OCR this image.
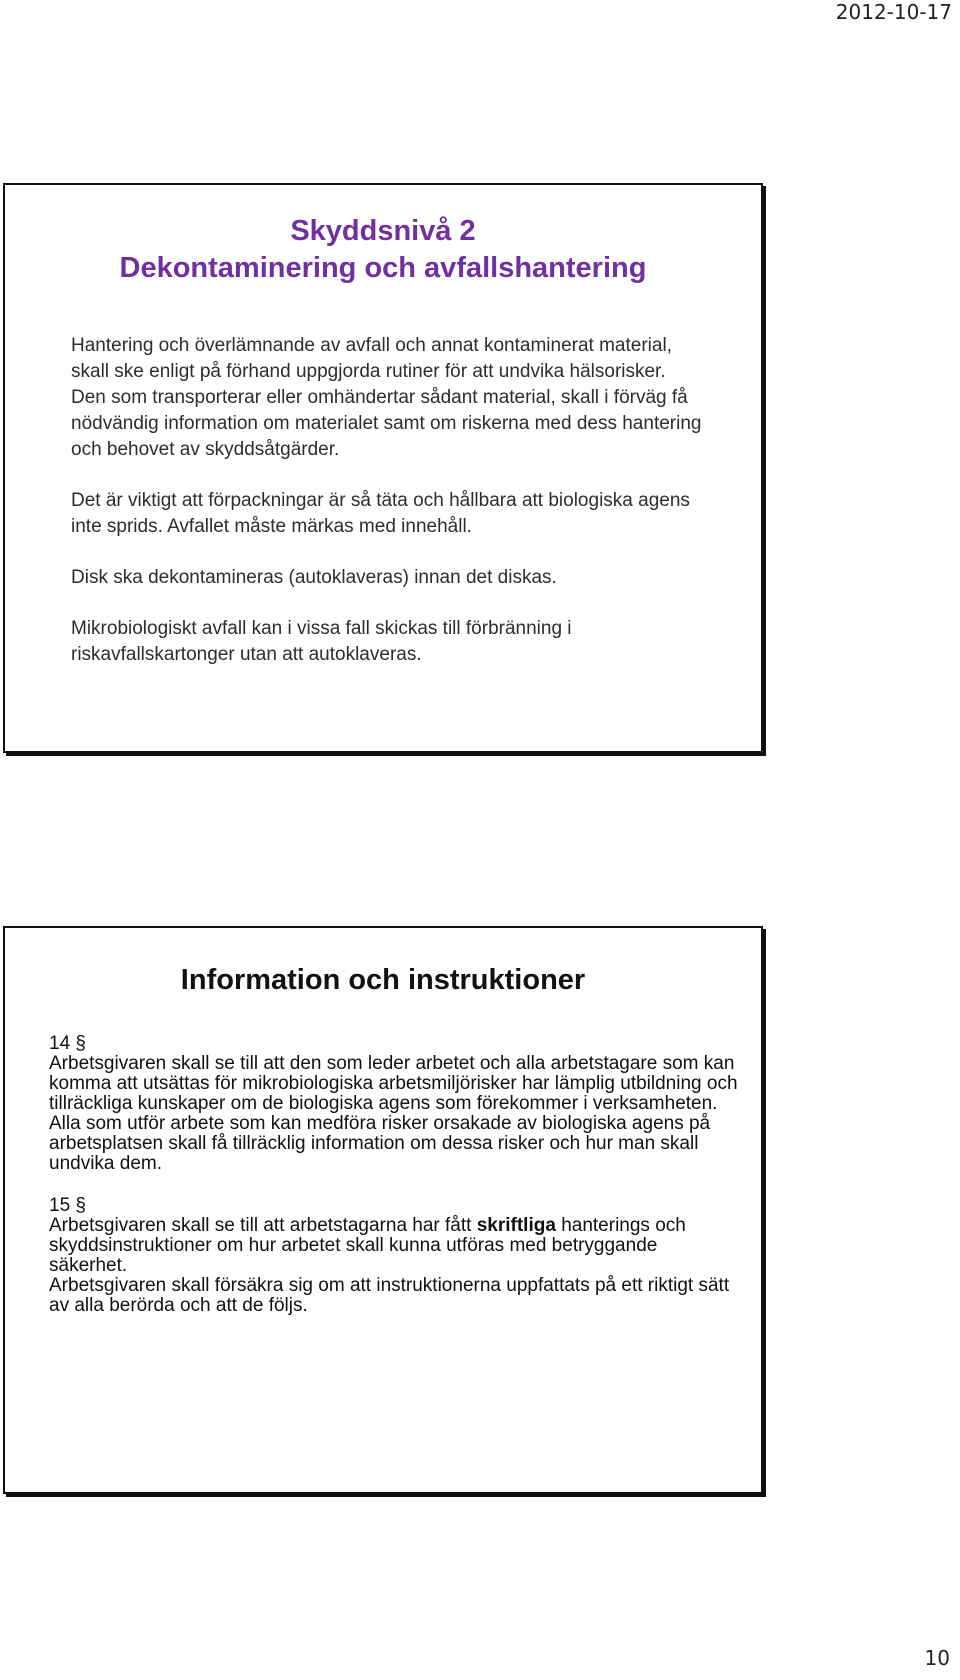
2012-10-17
Skyddsnivå 2
Dekontaminering och avfallshantering

Hantering och överlämnande av avfall och annat kontaminerat material, skall ske enligt på förhand uppgjorda rutiner för att undvika hälsorisker.

Den som transporterar eller omhändertar sådant material, skall i förväg få nödvändig information om materialet samt om riskerna med dess hantering och behovet av skyddsåtgärder.

Det är viktigt att förpackningar är så täta och hållbara att biologiska agens inte sprids. Avfallet måste märkas med innehåll.

Disk ska dekontamineras (autoklaveras) innan det diskas.

Mikrobiologiskt avfall kan i vissa fall skickas till förbränning i riskavfallskartonger utan att autoklaveras.

Information och instruktioner

14 §

Arbetsgivaren skall se till att den som leder arbetet och alla arbetstagare som kan komma att utsättas för mikrobiologiska arbetsmiljörisker har lämplig utbildning och tillräckliga kunskaper om de biologiska agens som förekommer i verksamheten.

Alla som utför arbete som kan medföra risker orsakade av biologiska agens på arbetsplatsen skall få tillräcklig information om dessa risker och hur man skall undvika dem.

15 §

Arbetsgivaren skall se till att arbetstagarna har fått skriftliga hanterings och skyddsinstruktioner om hur arbetet skall kunna utföras med betryggande säkerhet.

Arbetsgivaren skall försäkra sig om att instruktionerna uppfattats på ett riktigt sätt av alla berörda och att de följs.

10
